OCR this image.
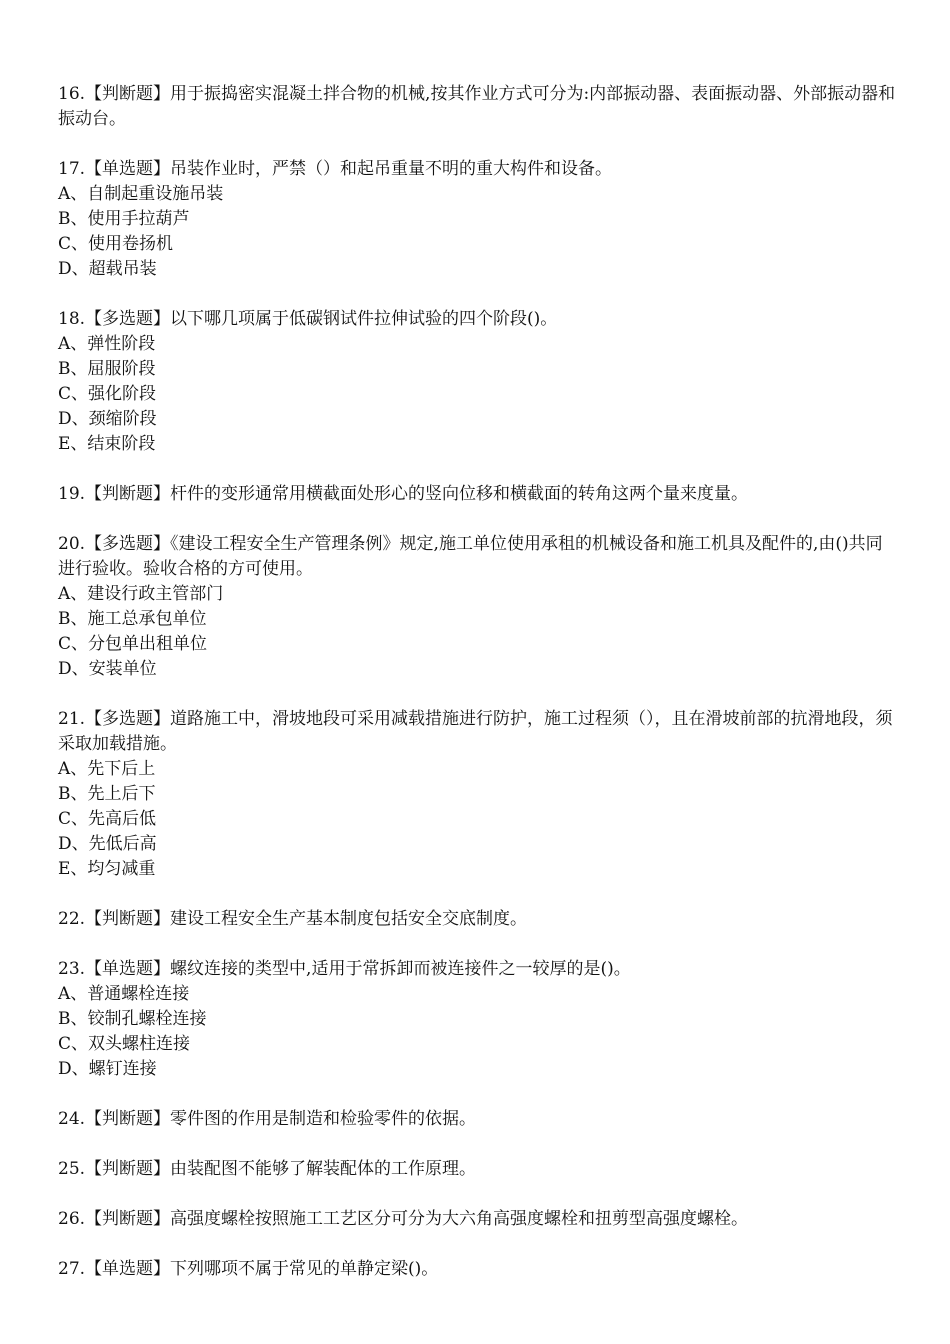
16.【判断题】用于振捣密实混凝土拌合物的机械,按其作业方式可分为:内部振动器、表面振动器、外部振动器和振动台。

17.【单选题】吊装作业时，严禁（）和起吊重量不明的重大构件和设备。

A、自制起重设施吊装
B、使用手拉葫芦
C、使用卷扬机
D、超载吊装

18.【多选题】以下哪几项属于低碳钢试件拉伸试验的四个阶段()。

A、弹性阶段
B、屈服阶段
C、强化阶段
D、颈缩阶段
E、结束阶段

19.【判断题】杆件的变形通常用横截面处形心的竖向位移和横截面的转角这两个量来度量。

20.【多选题】《建设工程安全生产管理条例》规定,施工单位使用承租的机械设备和施工机具及配件的,由()共同进行验收。验收合格的方可使用。

A、建设行政主管部门
B、施工总承包单位
C、分包单出租单位
D、安装单位

21.【多选题】道路施工中，滑坡地段可采用减载措施进行防护，施工过程须（），且在滑坡前部的抗滑地段，须采取加载措施。

A、先下后上
B、先上后下
C、先高后低
D、先低后高
E、均匀减重

22.【判断题】建设工程安全生产基本制度包括安全交底制度。

23.【单选题】螺纹连接的类型中,适用于常拆卸而被连接件之一较厚的是()。

A、普通螺栓连接
B、铰制孔螺栓连接
C、双头螺柱连接
D、螺钉连接

24.【判断题】零件图的作用是制造和检验零件的依据。

25.【判断题】由装配图不能够了解装配体的工作原理。

26.【判断题】高强度螺栓按照施工工艺区分可分为大六角高强度螺栓和扭剪型高强度螺栓。

27.【单选题】下列哪项不属于常见的单静定梁()。
